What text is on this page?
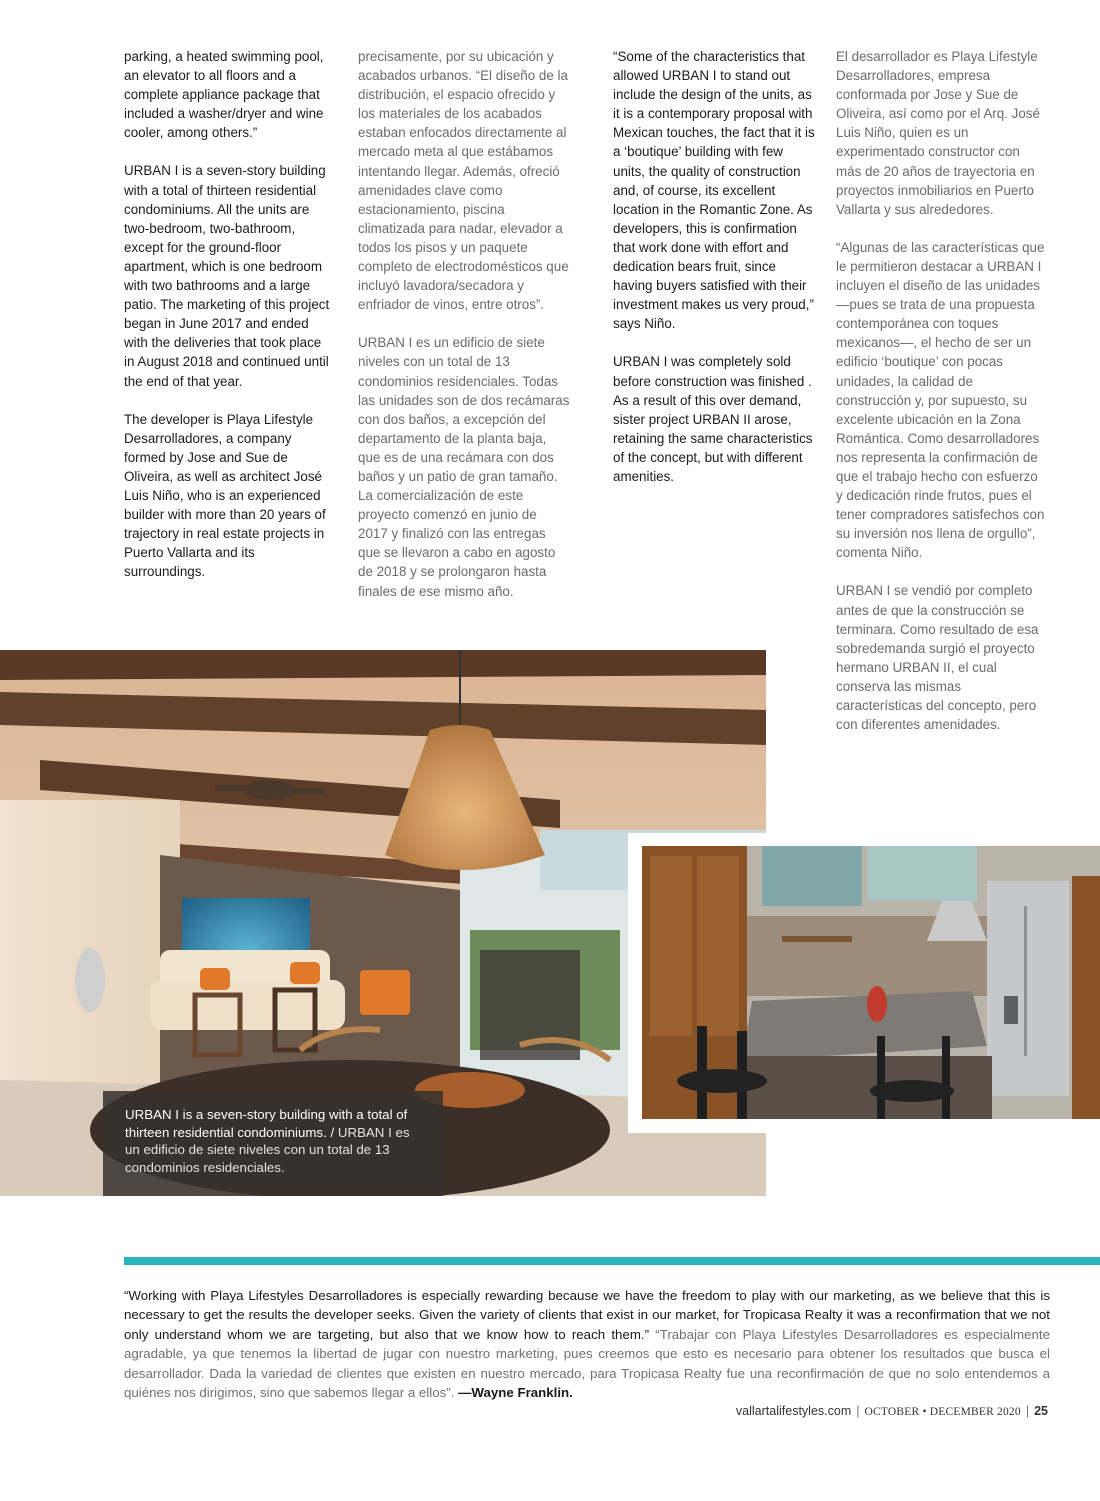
parking, a heated swimming pool, an elevator to all floors and a complete appliance package that included a washer/dryer and wine cooler, among others.”

URBAN I is a seven-story building with a total of thirteen residential condominiums. All the units are two-bedroom, two-bathroom, except for the ground-floor apartment, which is one bedroom with two bathrooms and a large patio. The marketing of this project began in June 2017 and ended with the deliveries that took place in August 2018 and continued until the end of that year.

The developer is Playa Lifestyle Desarrolladores, a company formed by Jose and Sue de Oliveira, as well as architect José Luis Niño, who is an experienced builder with more than 20 years of trajectory in real estate projects in Puerto Vallarta and its surroundings.

precisamente, por su ubicación y acabados urbanos. “El diseño de la distribución, el espacio ofrecido y los materiales de los acabados estaban enfocados directamente al mercado meta al que estábamos intentando llegar. Además, ofreció amenidades clave como estacionamiento, piscina climatizada para nadar, elevador a todos los pisos y un paquete completo de electrodomésticos que incluyó lavadora/secadora y enfriador de vinos, entre otros”.

URBAN I es un edificio de siete niveles con un total de 13 condominios residenciales. Todas las unidades son de dos recámaras con dos baños, a excepción del departamento de la planta baja, que es de una recámara con dos baños y un patio de gran tamaño. La comercialización de este proyecto comenzó en junio de 2017 y finalizó con las entregas que se llevaron a cabo en agosto de 2018 y se prolongaron hasta finales de ese mismo año.

“Some of the characteristics that allowed URBAN I to stand out include the design of the units, as it is a contemporary proposal with Mexican touches, the fact that it is a ‘boutique’ building with few units, the quality of construction and, of course, its excellent location in the Romantic Zone. As developers, this is confirmation that work done with effort and dedication bears fruit, since having buyers satisfied with their investment makes us very proud,” says Niño.

URBAN I was completely sold before construction was finished . As a result of this over demand, sister project URBAN II arose, retaining the same characteristics of the concept, but with different amenities.

El desarrollador es Playa Lifestyle Desarrolladores, empresa conformada por Jose y Sue de Oliveira, así como por el Arq. José Luis Niño, quien es un experimentado constructor con más de 20 años de trayectoria en proyectos inmobiliarios en Puerto Vallarta y sus alrededores.

“Algunas de las características que le permitieron destacar a URBAN I incluyen el diseño de las unidades —pues se trata de una propuesta contemporánea con toques mexicanos—, el hecho de ser un edificio ‘boutique’ con pocas unidades, la calidad de construcción y, por supuesto, su excelente ubicación en la Zona Romántica. Como desarrolladores nos representa la confirmación de que el trabajo hecho con esfuerzo y dedicación rinde frutos, pues el tener compradores satisfechos con su inversión nos llena de orgullo”, comenta Niño.

URBAN I se vendió por completo antes de que la construcción se terminara. Como resultado de esa sobredemanda surgió el proyecto hermano URBAN II, el cual conserva las mismas características del concepto, pero con diferentes amenidades.

URBAN I is a seven-story building with a total of thirteen residential condominiums. / URBAN I es un edificio de siete niveles con un total de 13 condominios residenciales.
“Working with Playa Lifestyles Desarrolladores is especially rewarding because we have the freedom to play with our marketing, as we believe that this is necessary to get the results the developer seeks. Given the variety of clients that exist in our market, for Tropicasa Realty it was a reconfirmation that we not only understand whom we are targeting, but also that we know how to reach them.” “Trabajar con Playa Lifestyles Desarrolladores es especialmente agradable, ya que tenemos la libertad de jugar con nuestro marketing, pues creemos que esto es necesario para obtener los resultados que busca el desarrollador. Dada la variedad de clientes que existen en nuestro mercado, para Tropicasa Realty fue una reconfirmación de que no solo entendemos a quiénes nos dirigimos, sino que sabemos llegar a ellos”. —Wayne Franklin.
vallartalifestyles.com | OCTOBER • DECEMBER 2020 | 25
